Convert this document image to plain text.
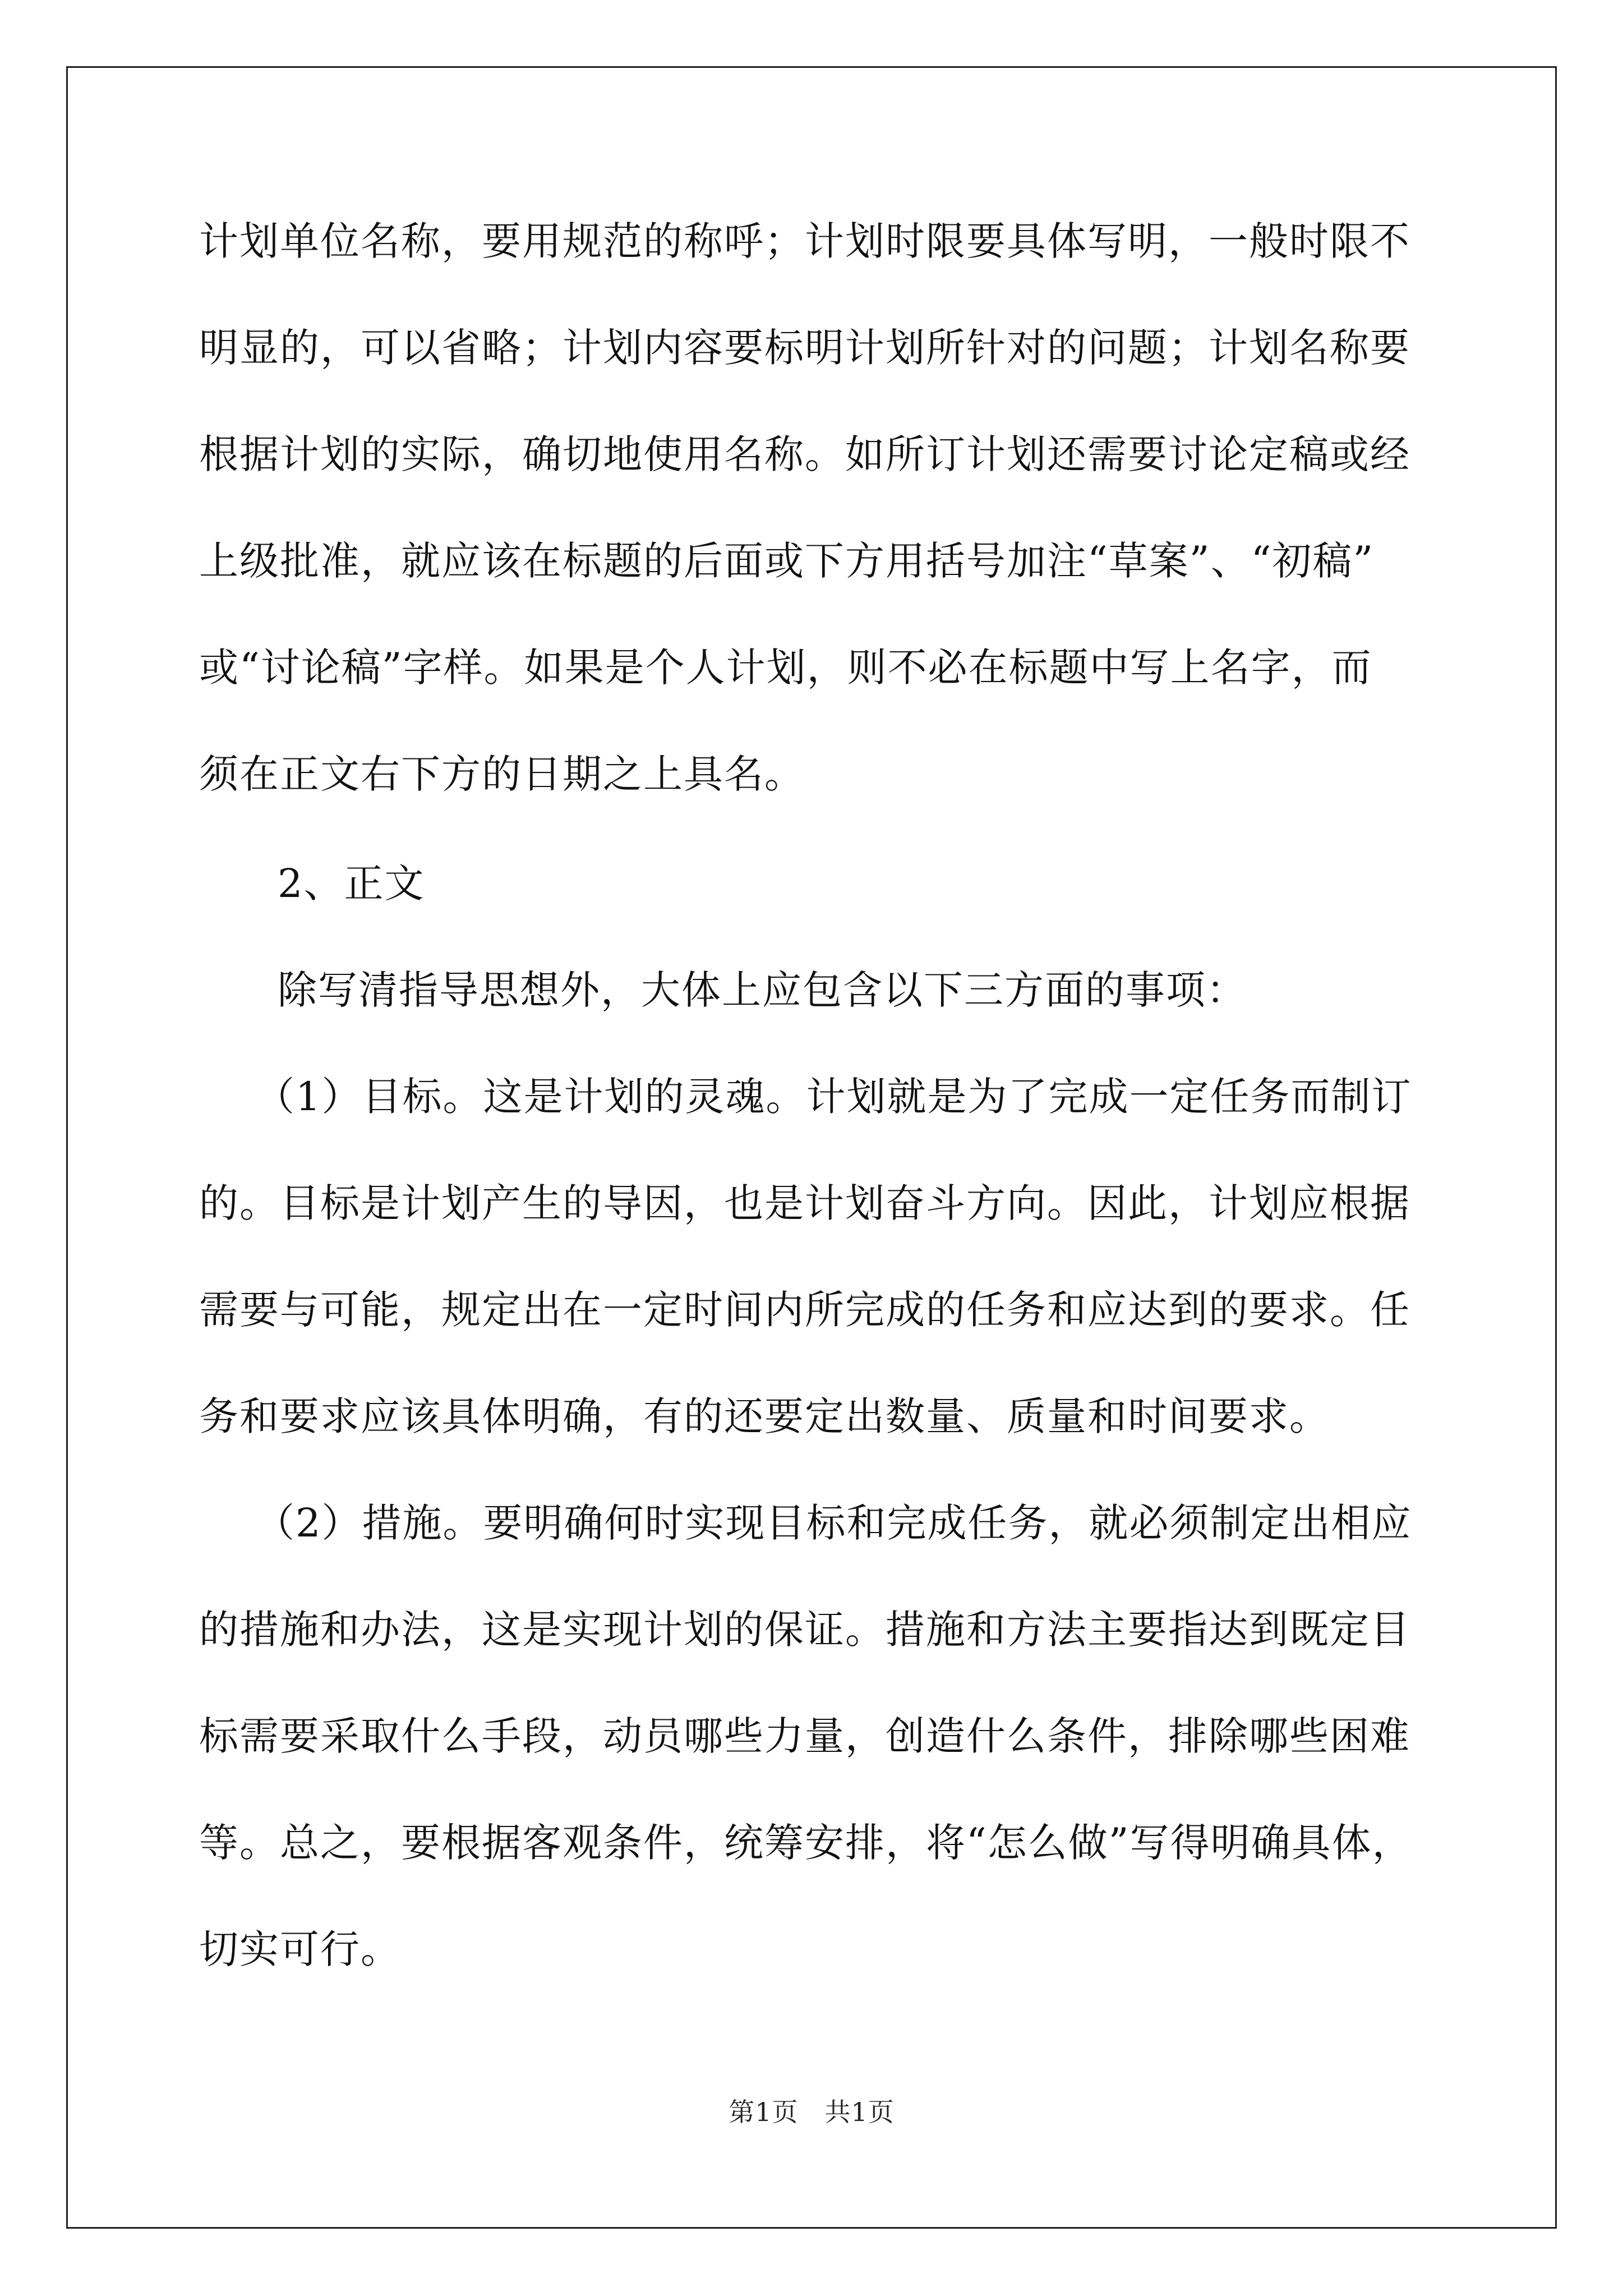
计划单位名称，要用规范的称呼；计划时限要具体写明，一般时限不
明显的，可以省略；计划内容要标明计划所针对的问题；计划名称要
根据计划的实际，确切地使用名称。如所订计划还需要讨论定稿或经
上级批准，就应该在标题的后面或下方用括号加注“草案”、“初稿”
或“讨论稿”字样。如果是个人计划，则不必在标题中写上名字，而
须在正文右下方的日期之上具名。
2、正文
除写清指导思想外，大体上应包含以下三方面的事项：
（1）目标。这是计划的灵魂。计划就是为了完成一定任务而制订
的。目标是计划产生的导因，也是计划奋斗方向。因此，计划应根据
需要与可能，规定出在一定时间内所完成的任务和应达到的要求。任
务和要求应该具体明确，有的还要定出数量、质量和时间要求。
（2）措施。要明确何时实现目标和完成任务，就必须制定出相应
的措施和办法，这是实现计划的保证。措施和方法主要指达到既定目
标需要采取什么手段，动员哪些力量，创造什么条件，排除哪些困难
等。总之，要根据客观条件，统筹安排，将“怎么做”写得明确具体，
切实可行。
第1页　共1页
